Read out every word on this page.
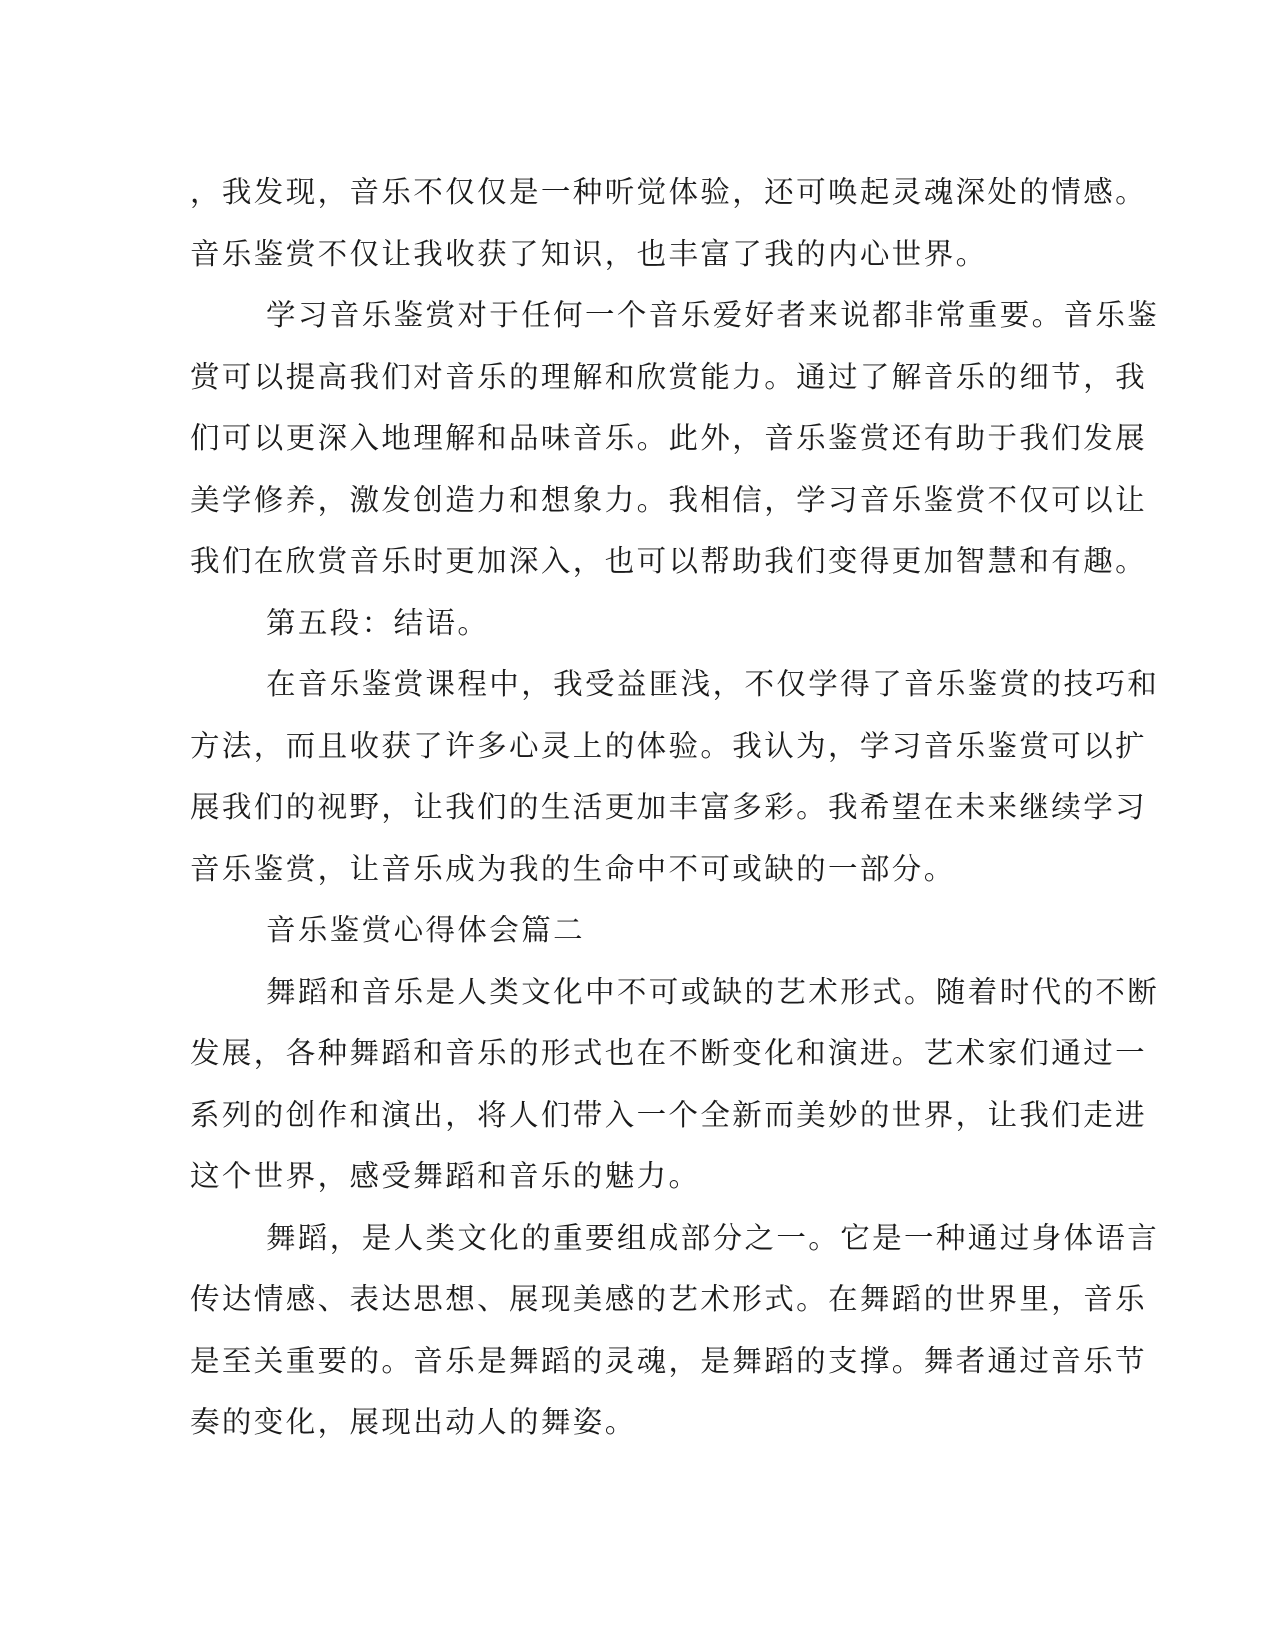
，我发现，音乐不仅仅是一种听觉体验，还可唤起灵魂深处的情感。
音乐鉴赏不仅让我收获了知识，也丰富了我的内心世界。
学习音乐鉴赏对于任何一个音乐爱好者来说都非常重要。音乐鉴
赏可以提高我们对音乐的理解和欣赏能力。通过了解音乐的细节，我
们可以更深入地理解和品味音乐。此外，音乐鉴赏还有助于我们发展
美学修养，激发创造力和想象力。我相信，学习音乐鉴赏不仅可以让
我们在欣赏音乐时更加深入，也可以帮助我们变得更加智慧和有趣。
第五段：结语。
在音乐鉴赏课程中，我受益匪浅，不仅学得了音乐鉴赏的技巧和
方法，而且收获了许多心灵上的体验。我认为，学习音乐鉴赏可以扩
展我们的视野，让我们的生活更加丰富多彩。我希望在未来继续学习
音乐鉴赏，让音乐成为我的生命中不可或缺的一部分。
音乐鉴赏心得体会篇二
舞蹈和音乐是人类文化中不可或缺的艺术形式。随着时代的不断
发展，各种舞蹈和音乐的形式也在不断变化和演进。艺术家们通过一
系列的创作和演出，将人们带入一个全新而美妙的世界，让我们走进
这个世界，感受舞蹈和音乐的魅力。
舞蹈，是人类文化的重要组成部分之一。它是一种通过身体语言
传达情感、表达思想、展现美感的艺术形式。在舞蹈的世界里，音乐
是至关重要的。音乐是舞蹈的灵魂，是舞蹈的支撑。舞者通过音乐节
奏的变化，展现出动人的舞姿。
